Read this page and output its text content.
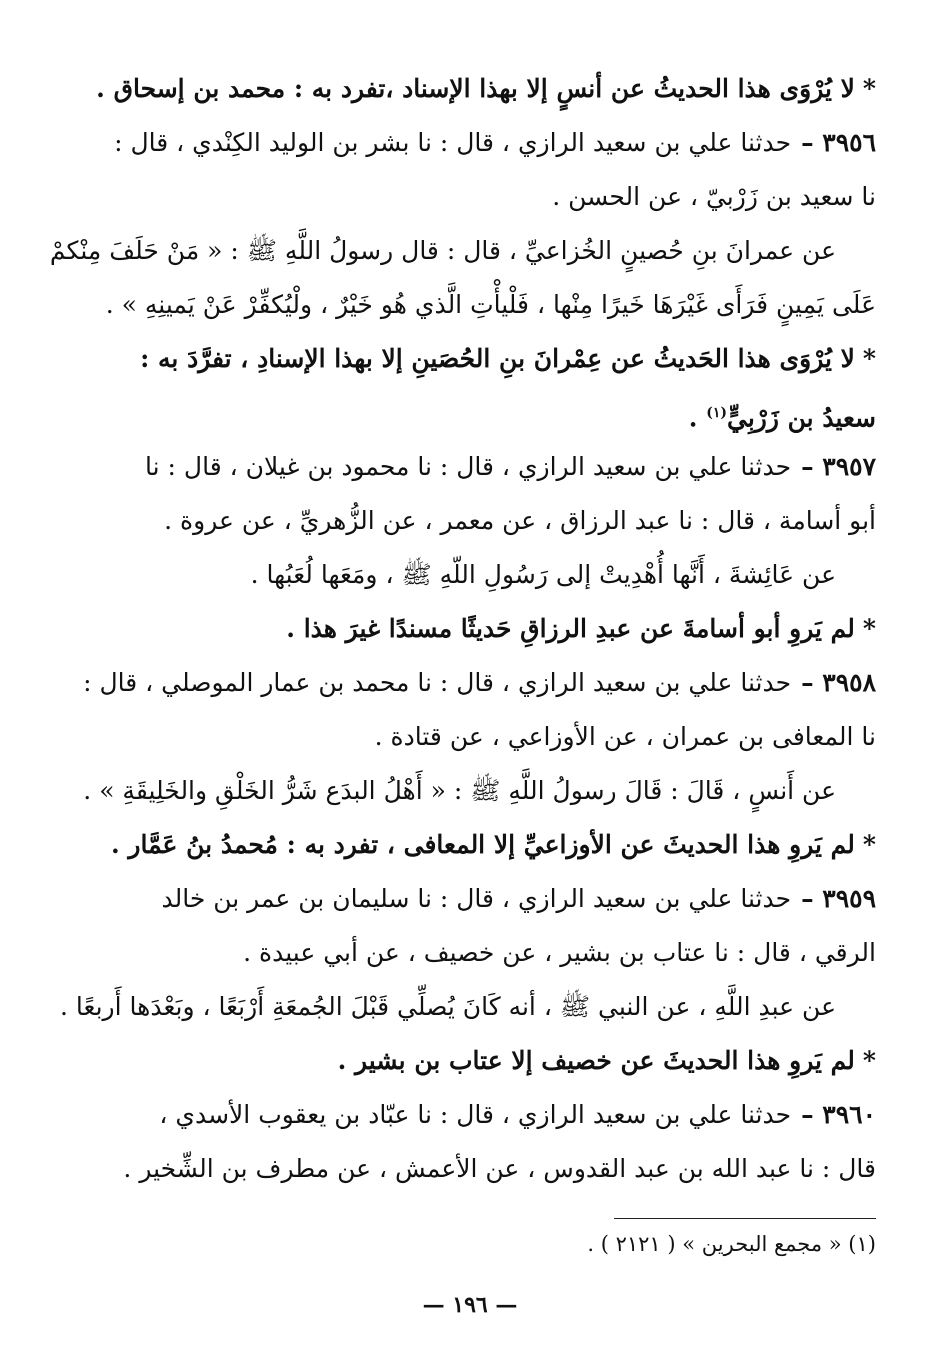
*لا يُرْوَى هذا الحديثُ عن أنسٍ إلا بهذا الإسناد ،تفرد به : محمد بن إسحاق .
٣٩٥٦ –حدثنا علي بن سعيد الرازي ، قال : نا بشر بن الوليد الكِنْدي ، قال :
نا سعيد بن زَرْبيّ ، عن الحسن .
عن عمرانَ بنِ حُصينٍ الخُزاعيِّ ، قال : قال رسولُ اللَّهِ ﷺ : « مَنْ حَلَفَ مِنْكمْ
عَلَى يَمِينٍ فَرَأَى غَيْرَهَا خَيرًا مِنْها ، فَلْيأْتِ الَّذي هُو خَيْرٌ ، ولْيُكفِّرْ عَنْ يَمينِهِ » .
*لا يُرْوَى هذا الحَديثُ عن عِمْرانَ بنِ الحُصَينِ إلا بهذا الإسنادِ ، تفرَّدَ به :
سعيدُ بن زَرْبِيٍّ$^{(١)}$ .
٣٩٥٧ –حدثنا علي بن سعيد الرازي ، قال : نا محمود بن غيلان ، قال : نا
أبو أسامة ، قال : نا عبد الرزاق ، عن معمر ، عن الزُّهريِّ ، عن عروة .
عن عَائِشةَ ، أَنَّها أُهْدِيتْ إلى رَسُولِ اللّهِ ﷺ ، ومَعَها لُعَبُها .
*لم يَروِ أبو أسامةَ عن عبدِ الرزاقِ حَديثًا مسندًا غيرَ هذا .
٣٩٥٨ –حدثنا علي بن سعيد الرازي ، قال : نا محمد بن عمار الموصلي ، قال :
نا المعافى بن عمران ، عن الأوزاعي ، عن قتادة .
عن أَنسٍ ، قَالَ : قَالَ رسولُ اللَّهِ ﷺ : « أَهْلُ البدَع شَرُّ الخَلْقِ والخَلِيقَةِ » .
*لم يَروِ هذا الحديثَ عن الأوزاعيِّ إلا المعافى ، تفرد به : مُحمدُ بنُ عَمَّار .
٣٩٥٩ –حدثنا علي بن سعيد الرازي ، قال : نا سليمان بن عمر بن خالد
الرقي ، قال : نا عتاب بن بشير ، عن خصيف ، عن أبي عبيدة .
عن عبدِ اللَّهِ ، عن النبي ﷺ ، أنه كَانَ يُصلِّي قَبْلَ الجُمعَةِ أَرْبَعًا ، وبَعْدَها أَربعًا .
*لم يَروِ هذا الحديثَ عن خصيف إلا عتاب بن بشير .
٣٩٦٠ –حدثنا علي بن سعيد الرازي ، قال : نا عبّاد بن يعقوب الأسدي ،
قال : نا عبد الله بن عبد القدوس ، عن الأعمش ، عن مطرف بن الشِّخير .
(١) « مجمع البحرين » ( ٢١٢١ ) .
— ١٩٦ —
